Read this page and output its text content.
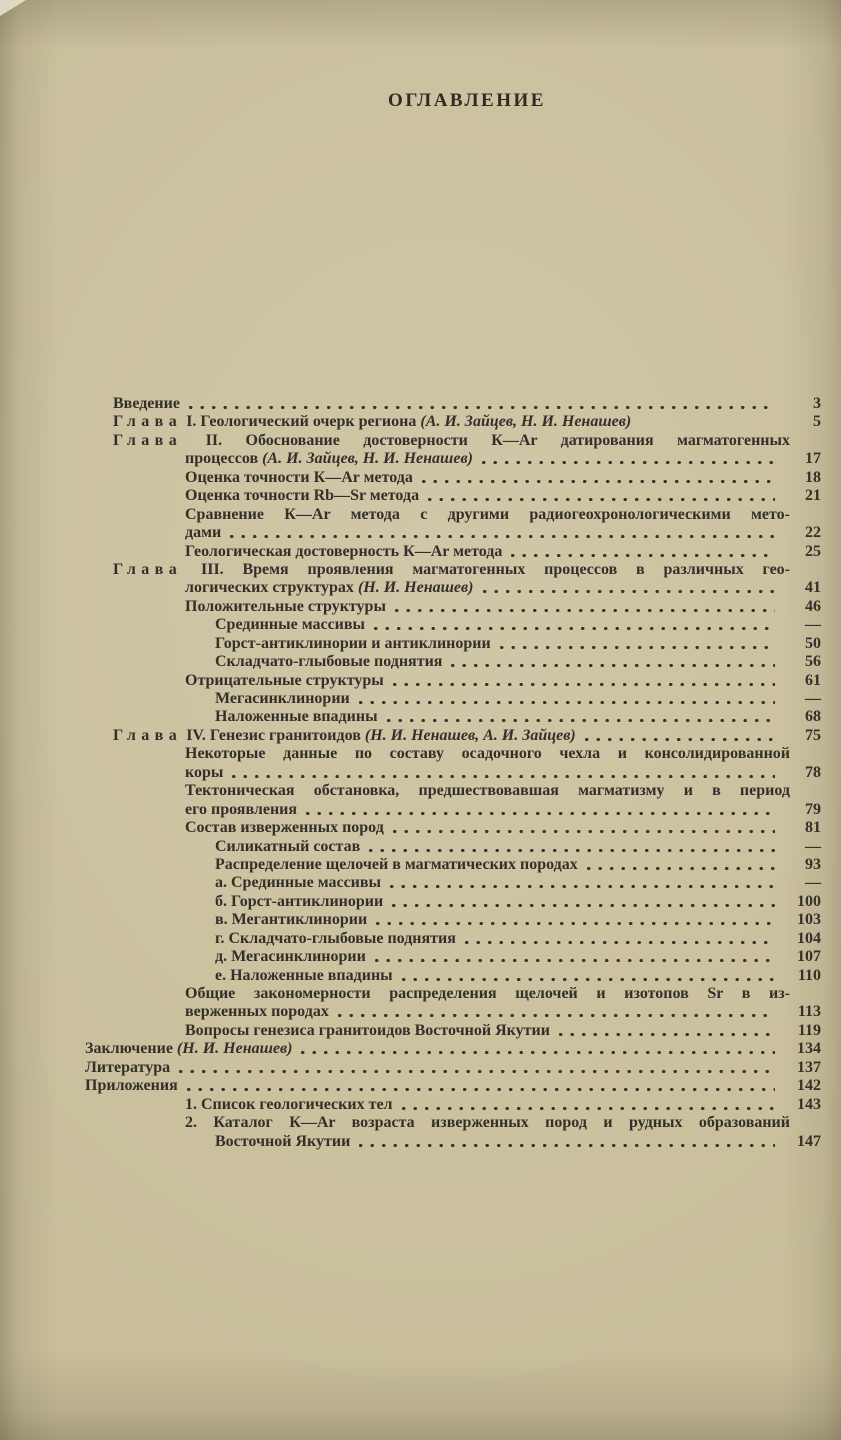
ОГЛАВЛЕНИЕ
Введение	3
Глава I. Геологический очерк региона (А. И. Зайцев, Н. И. Ненашев)	5
Глава II. Обоснование достоверности К—Ar датирования магматогенных
процессов (А. И. Зайцев, Н. И. Ненашев)	17
Оценка точности К—Ar метода	18
Оценка точности Rb—Sr метода	21
Сравнение К—Ar метода с другими радиогеохронологическими мето-
дами	22
Геологическая достоверность К—Ar метода	25
Глава III. Время проявления магматогенных процессов в различных гео-
логических структурах (Н. И. Ненашев)	41
Положительные структуры	46
Срединные массивы	—
Горст-антиклинории и антиклинории	50
Складчато-глыбовые поднятия	56
Отрицательные структуры	61
Мегасинклинории	—
Наложенные впадины	68
Глава IV. Генезис гранитоидов (Н. И. Ненашев, А. И. Зайцев)	75
Некоторые данные по составу осадочного чехла и консолидированной
коры	78
Тектоническая обстановка, предшествовавшая магматизму и в период
его проявления	79
Состав изверженных пород	81
Силикатный состав	—
Распределение щелочей в магматических породах	93
а. Срединные массивы	—
б. Горст-антиклинории	100
в. Мегантиклинории	103
г. Складчато-глыбовые поднятия	104
д. Мегасинклинории	107
е. Наложенные впадины	110
Общие закономерности распределения щелочей и изотопов Sr в из-
верженных породах	113
Вопросы генезиса гранитоидов Восточной Якутии	119
Заключение (Н. И. Ненашев)	134
Литература	137
Приложения	142
1. Список геологических тел	143
2. Каталог К—Ar возраста изверженных пород и рудных образований
Восточной Якутии	147
